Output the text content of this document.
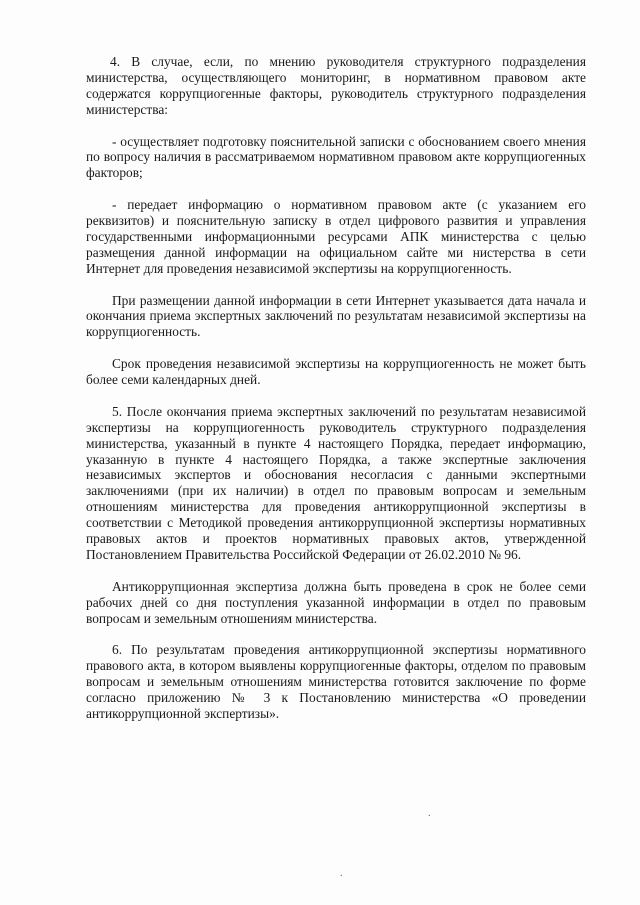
4. В случае, если, по мнению руководителя структурного подразделения министерства, осуществляющего мониторинг, в нормативном правовом акте содержатся коррупциогенные факторы, руководитель структурного подразделения министерства:

- осуществляет подготовку пояснительной записки с обоснованием своего мнения по вопросу наличия в рассматриваемом нормативном правовом акте коррупциогенных факторов;

- передает информацию о нормативном правовом акте (с указанием его реквизитов) и пояснительную записку в отдел цифрового развития и управления государственными информационными ресурсами АПК министерства с целью размещения данной информации на официальном сайте ми нистерства в сети Интернет для проведения независимой экспертизы на коррупциогенность.

При размещении данной информации в сети Интернет указывается дата начала и окончания приема экспертных заключений по результатам независимой экспертизы на коррупциогенность.

Срок проведения независимой экспертизы на коррупциогенность не может быть более семи календарных дней.

5. После окончания приема экспертных заключений по результатам независимой экспертизы на коррупциогенность руководитель структурного подразделения министерства, указанный в пункте 4 настоящего Порядка, передает информацию, указанную в пункте 4 настоящего Порядка, а также экспертные заключения независимых экспертов и обоснования несогласия с данными экспертными заключениями (при их наличии) в отдел по правовым вопросам и земельным отношениям министерства для проведения антикоррупционной экспертизы в соответствии с Методикой проведения антикоррупционной экспертизы нормативных правовых актов и проектов нормативных правовых актов, утвержденной Постановлением Правительства Российской Федерации от 26.02.2010 № 96.

Антикоррупционная экспертиза должна быть проведена в срок не более семи рабочих дней со дня поступления указанной информации в отдел по правовым вопросам и земельным отношениям министерства.

6. По результатам проведения антикоррупционной экспертизы нормативного правового акта, в котором выявлены коррупциогенные факторы, отделом по правовым вопросам и земельным отношениям министерства готовится заключение по форме согласно приложению № 3 к Постановлению министерства «О проведении антикоррупционной экспертизы».

.
.
